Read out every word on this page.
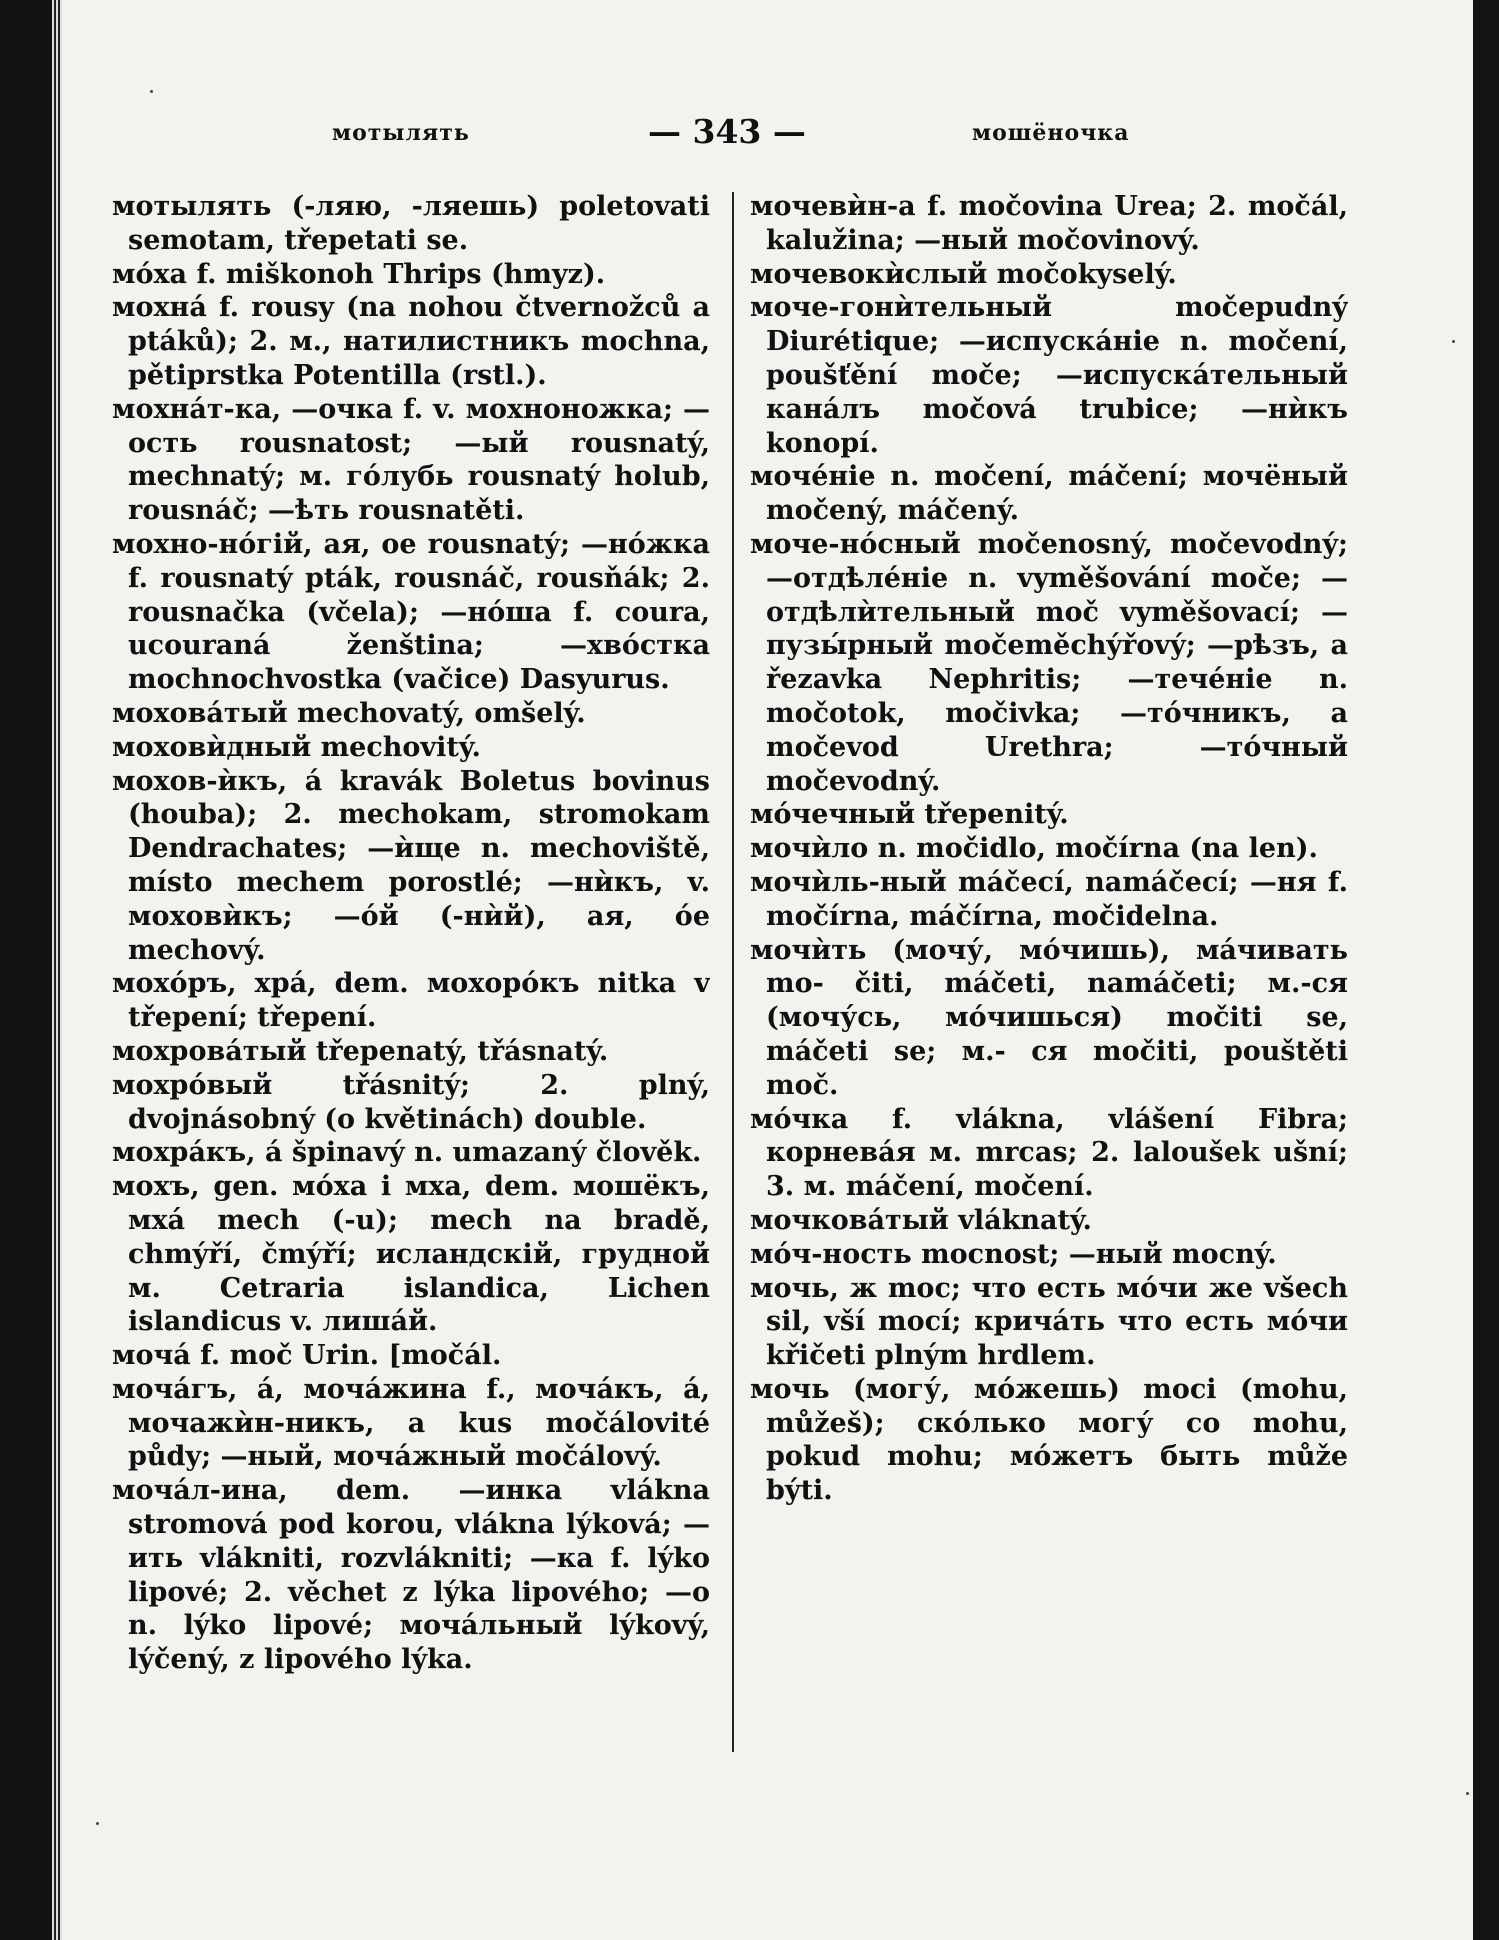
мотылять	— 343 —	мошёночка

мотылять (-ляю, -ляешь) poletovati semotam, třepetati se.

мóха f. miškonoh Thrips (hmyz).

мохнá f. rousy (na nohou čtvernožců a ptáků); 2. м., натилистникъ mochna, pětiprstka Potentilla (rstl.).

мохнáт-ка, —очка f. v. мохноножка; —ость rousnatost; —ый rousnatý, mechnatý; м. гóлубь rousnatý holub, rousnáč; —ѣть rousnatěti.

мохно-нóгій, ая, ое rousnatý; —нóжка f. rousnatý pták, rousnáč, rousňák; 2. rousnačka (včela); —нóша f. coura, ucouraná ženština; —хвóстка mochnochvostka (vačice) Dasyurus.

моховáтый mechovatý, omšelý.

моховѝдный mechovitý.

мохов-ѝкъ, á kravák Boletus bovinus (houba); 2. mechokam, stromokam Dendrachates; —ѝще n. mechoviště, místo mechem porostlé; —нѝкъ, v. моховѝкъ; —óй (-нѝй), ая, óе mechový.

мохóръ, хрá, dem. мохорóкъ nitka v třepení; třepení.

мохровáтый třepenatý, třásnatý.

мохрóвый třásnitý; 2. plný, dvojnásobný (o květinách) double.

мохрáкъ, á špinavý n. umazaný člověk.

мохъ, gen. мóха i мха, dem. мошёкъ, мха́ mech (-u); mech na bradě, chmýří, čmýří; исландскій, грудной м. Cetraria islandica, Lichen islandicus v. лишáй.

мочá f. moč Urin. [močál.

мочáгъ, á, мочáжина f., мочáкъ, á, мочажѝн-никъ, a kus močálovité půdy; —ный, мочáжный močálový.

мочáл-ина, dem. —инка vlákna stromová pod korou, vlákna lýková; —ить vlákniti, rozvlákniti; —ка f. lýko lipové; 2. věchet z lýka lipového; —о n. lýko lipové; мочáльный lýkový, lýčený, z lipového lýka.

мочевѝн-а f. močovina Urea; 2. močál, kalužina; —ный močovinový.

мочевокѝслый močokyselý.

моче-гонѝтельный močepudný Diurétique; —испускáніе n. močení, poušťění moče; —испускáтельный канáлъ močová trubice; —нѝкъ konopí.

мочéніе n. močení, máčení; мочёный močený, máčený.

моче-нóсный močenosný, močevodný; —отдѣлéніе n. vyměšování moče; —отдѣлѝтельный moč vyměšovací; —пузы́рный močeměchýřový; —рѣзъ, a řezavka Nephritis; —течéніе n. močotok, močivka; —тóчникъ, a močevod Urethra; —тóчный močevodný.

мóчечный třepenitý.

мочѝло n. močidlo, močírna (na len).

мочѝль-ный máčecí, namáčecí; —ня f. močírna, máčírna, močidelna.

мочѝть (мочу́, мóчишь), мáчивать mo- čiti, máčeti, namáčeti; м.-ся (мочу́сь, мóчишься) močiti se, máčeti se; м.- ся močiti, pouštěti moč.

мóчка f. vlákna, vlášení Fibra; корневáя м. mrcas; 2. laloušek ušní; 3. м. máčení, močení.

мочковáтый vláknatý.

мóч-ность mocnost; —ный mocný.

мочь, ж moc; что есть мóчи же všech sil, vší mocí; кричáть что есть мóчи křičeti plným hrdlem.

мочь (могу́, мóжешь) moci (mohu, můžeš); скóлько могу́ co mohu, pokud mohu; мóжетъ быть může býti.
